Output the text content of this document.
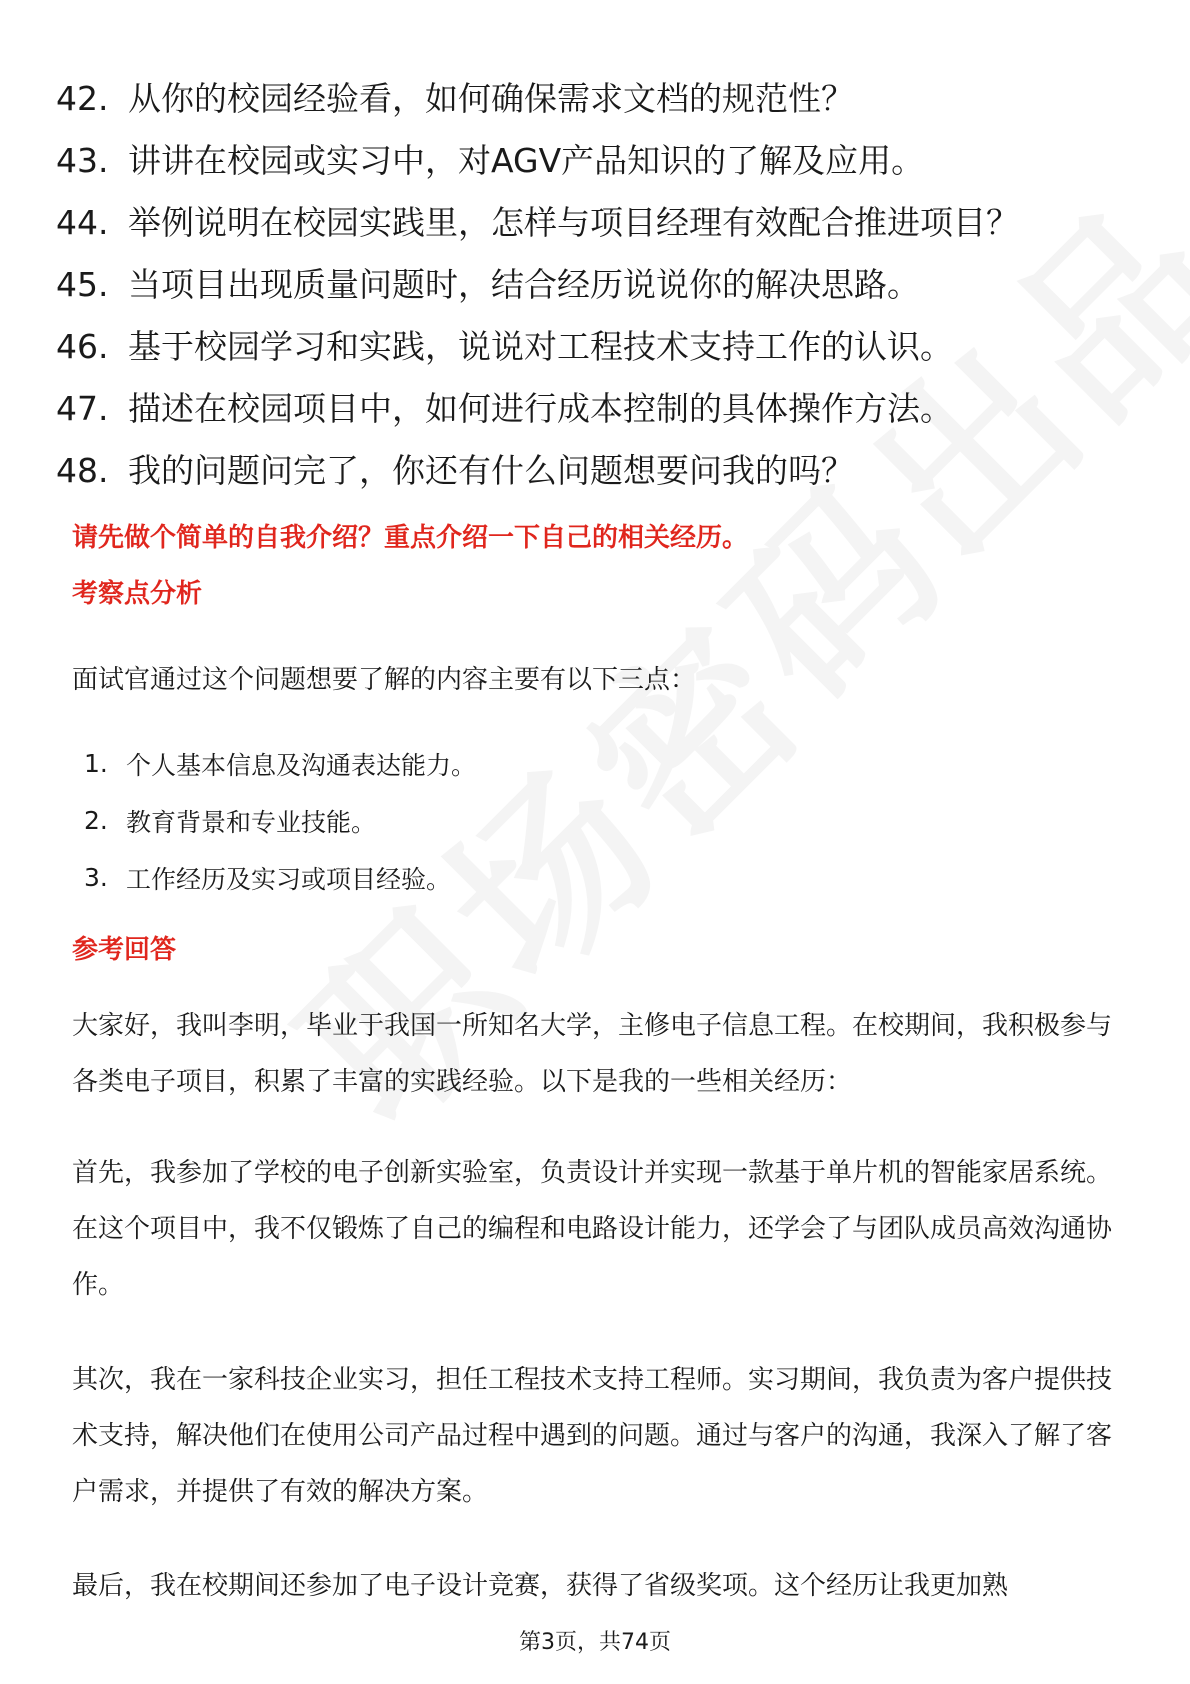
42. 从你的校园经验看，如何确保需求文档的规范性？
43. 讲讲在校园或实习中，对AGV产品知识的了解及应用。
44. 举例说明在校园实践里，怎样与项目经理有效配合推进项目？
45. 当项目出现质量问题时，结合经历说说你的解决思路。
46. 基于校园学习和实践，说说对工程技术支持工作的认识。
47. 描述在校园项目中，如何进行成本控制的具体操作方法。
48. 我的问题问完了，你还有什么问题想要问我的吗？
请先做个简单的自我介绍？重点介绍一下自己的相关经历。
考察点分析
面试官通过这个问题想要了解的内容主要有以下三点：
1. 个人基本信息及沟通表达能力。
2. 教育背景和专业技能。
3. 工作经历及实习或项目经验。
参考回答
大家好，我叫李明，毕业于我国一所知名大学，主修电子信息工程。在校期间，我积极参与各类电子项目，积累了丰富的实践经验。以下是我的一些相关经历：
首先，我参加了学校的电子创新实验室，负责设计并实现一款基于单片机的智能家居系统。在这个项目中，我不仅锻炼了自己的编程和电路设计能力，还学会了与团队成员高效沟通协作。
其次，我在一家科技企业实习，担任工程技术支持工程师。实习期间，我负责为客户提供技术支持，解决他们在使用公司产品过程中遇到的问题。通过与客户的沟通，我深入了解了客户需求，并提供了有效的解决方案。
最后，我在校期间还参加了电子设计竞赛，获得了省级奖项。这个经历让我更加熟
第3页，共74页
